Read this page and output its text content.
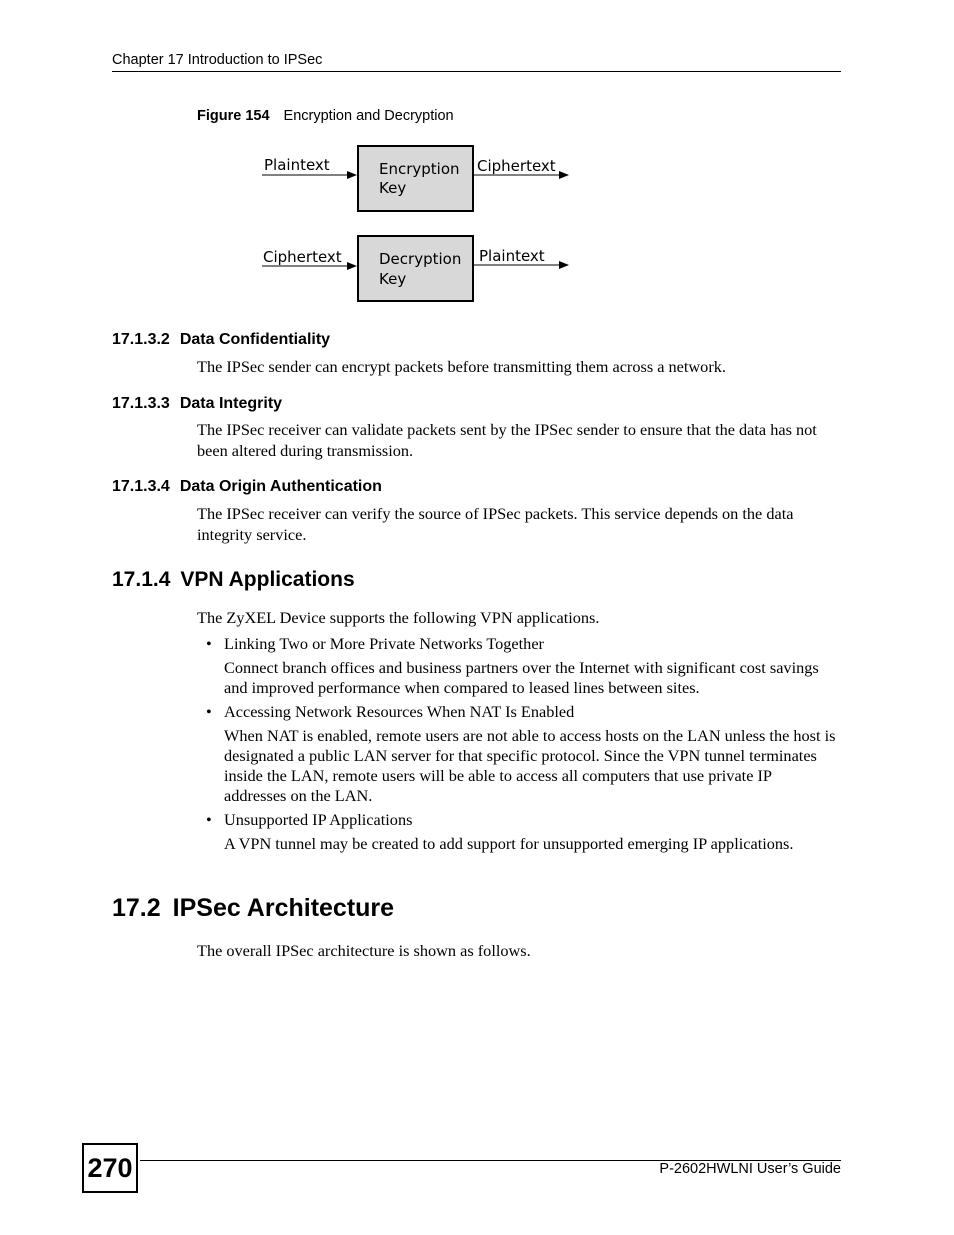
Chapter 17 Introduction to IPSec
Figure 154 Encryption and Decryption
Plaintext	Encryption
Key
Ciphertext
Ciphertext Decryption
Key
Plaintext
17.1.3.2 Data Confidentiality
The IPSec sender can encrypt packets before transmitting them across a network.
17.1.3.3 Data Integrity
The IPSec receiver can validate packets sent by the IPSec sender to ensure that the data has not been altered during transmission.
17.1.3.4 Data Origin Authentication
The IPSec receiver can verify the source of IPSec packets. This service depends on the data integrity service.
17.1.4 VPN Applications
The ZyXEL Device supports the following VPN applications.
• Linking Two or More Private Networks Together
Connect branch offices and business partners over the Internet with significant cost savings and improved performance when compared to leased lines between sites.
• Accessing Network Resources When NAT Is Enabled
When NAT is enabled, remote users are not able to access hosts on the LAN unless the host is designated a public LAN server for that specific protocol. Since the VPN tunnel terminates inside the LAN, remote users will be able to access all computers that use private IP addresses on the LAN.
• Unsupported IP Applications
A VPN tunnel may be created to add support for unsupported emerging IP applications.
17.2 IPSec Architecture
The overall IPSec architecture is shown as follows.
270	P-2602HWLNI User’s Guide
